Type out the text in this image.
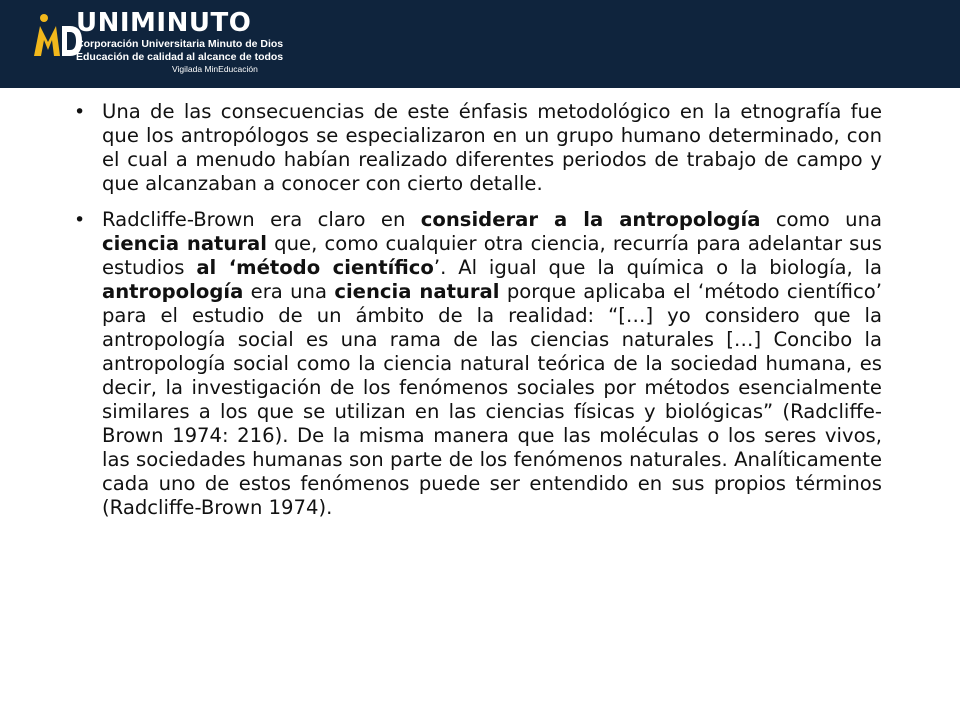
UNIMINUTO
Corporación Universitaria Minuto de Dios
Educación de calidad al alcance de todos
Vigilada MinEducación
• Una de las consecuencias de este énfasis metodológico en la etnografía fue que los antropólogos se especializaron en un grupo humano determinado, con el cual a menudo habían realizado diferentes periodos de trabajo de campo y que alcanzaban a conocer con cierto detalle.
• Radcliffe-Brown era claro en considerar a la antropología como una ciencia natural que, como cualquier otra ciencia, recurría para adelantar sus estudios al ‘método científico’. Al igual que la química o la biología, la antropología era una ciencia natural porque aplicaba el ‘método científico’ para el estudio de un ámbito de la realidad: “[…] yo considero que la antropología social es una rama de las ciencias naturales […] Concibo la antropología social como la ciencia natural teórica de la sociedad humana, es decir, la investigación de los fenómenos sociales por métodos esencialmente similares a los que se utilizan en las ciencias físicas y biológicas” (Radcliffe-Brown 1974: 216). De la misma manera que las moléculas o los seres vivos, las sociedades humanas son parte de los fenómenos naturales. Analíticamente cada uno de estos fenómenos puede ser entendido en sus propios términos (Radcliffe-Brown 1974).
